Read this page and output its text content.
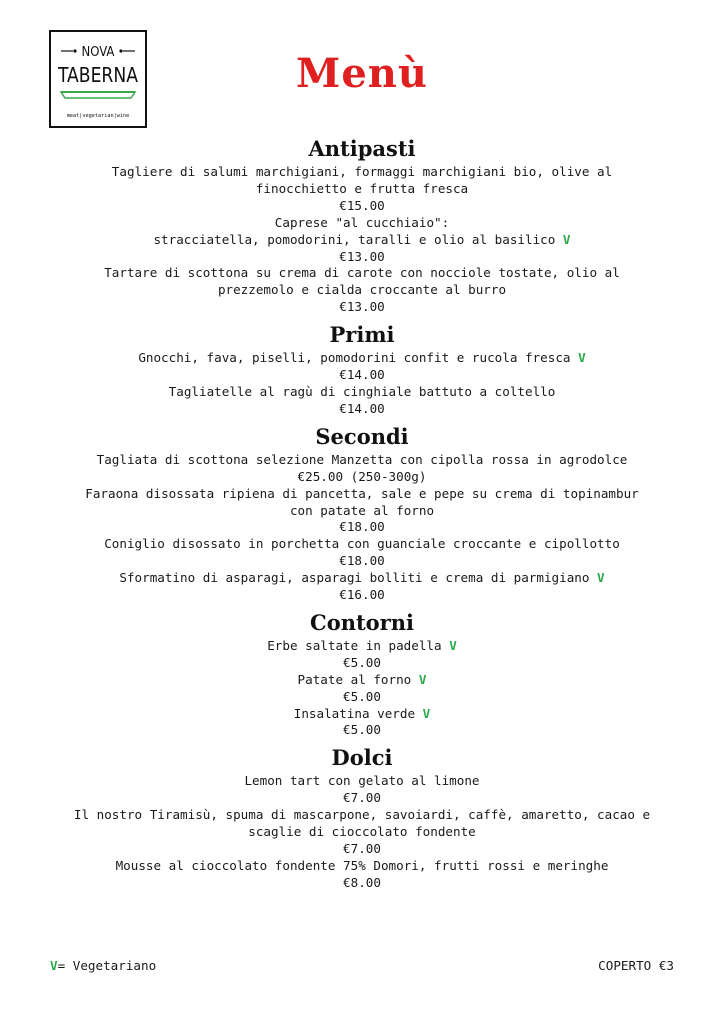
NOVA
TABERNA
meat|vegetarian|wine
Menù
Antipasti
Tagliere di salumi marchigiani, formaggi marchigiani bio, olive al
finocchietto e frutta fresca
€15.00
Caprese "al cucchiaio":
stracciatella, pomodorini, taralli e olio al basilico V
€13.00
Tartare di scottona su crema di carote con nocciole tostate, olio al
prezzemolo e cialda croccante al burro
€13.00
Primi
Gnocchi, fava, piselli, pomodorini confit e rucola fresca V
€14.00
Tagliatelle al ragù di cinghiale battuto a coltello
€14.00
Secondi
Tagliata di scottona selezione Manzetta con cipolla rossa in agrodolce
€25.00 (250-300g)
Faraona disossata ripiena di pancetta, sale e pepe su crema di topinambur
con patate al forno
€18.00
Coniglio disossato in porchetta con guanciale croccante e cipollotto
€18.00
Sformatino di asparagi, asparagi bolliti e crema di parmigiano V
€16.00
Contorni
Erbe saltate in padella V
€5.00
Patate al forno V
€5.00
Insalatina verde V
€5.00
Dolci
Lemon tart con gelato al limone
€7.00
Il nostro Tiramisù, spuma di mascarpone, savoiardi, caffè, amaretto, cacao e
scaglie di cioccolato fondente
€7.00
Mousse al cioccolato fondente 75% Domori, frutti rossi e meringhe
€8.00
V= Vegetariano	COPERTO €3
